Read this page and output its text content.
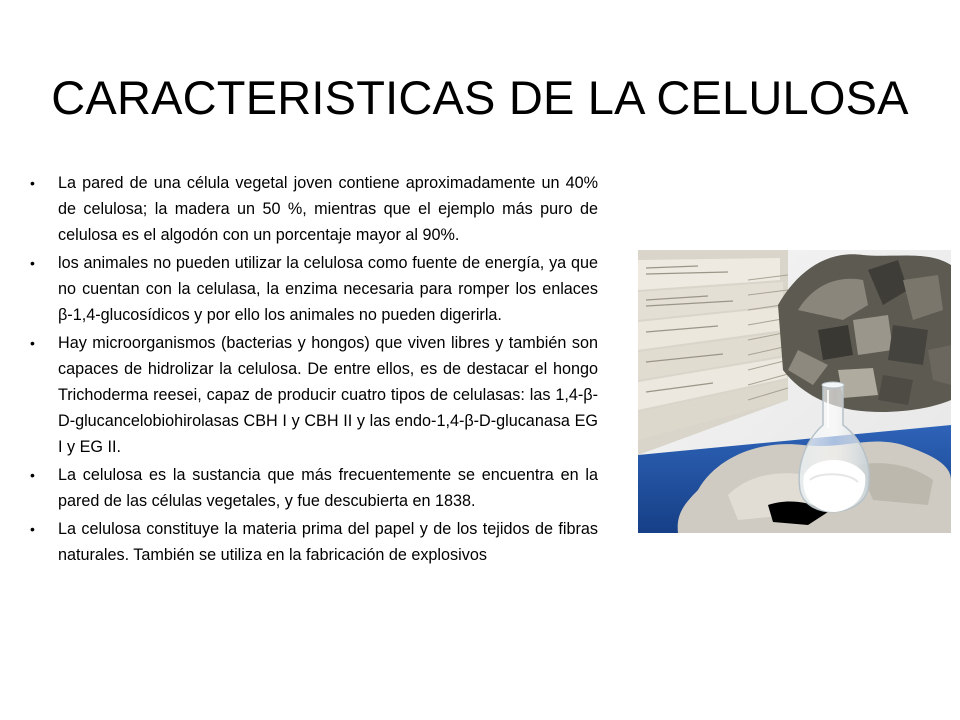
CARACTERISTICAS DE LA CELULOSA
•	La pared de una célula vegetal joven contiene aproximadamente un 40% de celulosa; la madera un 50 %, mientras que el ejemplo más puro de celulosa es el algodón con un porcentaje mayor al 90%.
•	los animales no pueden utilizar la celulosa como fuente de energía, ya que no cuentan con la celulasa, la enzima necesaria para romper los enlaces β-1,4-glucosídicos y por ello los animales no pueden digerirla.
•	Hay microorganismos (bacterias y hongos) que viven libres y también son capaces de hidrolizar la celulosa. De entre ellos, es de destacar el hongo Trichoderma reesei, capaz de producir cuatro tipos de celulasas: las 1,4-β-D-glucancelobiohirolasas CBH I y CBH II y las endo-1,4-β-D-glucanasa EG I y EG II.
•	La celulosa es la sustancia que más frecuentemente se encuentra en la pared de las células vegetales, y fue descubierta en 1838.
•	La celulosa constituye la materia prima del papel y de los tejidos de fibras naturales. También se utiliza en la fabricación de explosivos
